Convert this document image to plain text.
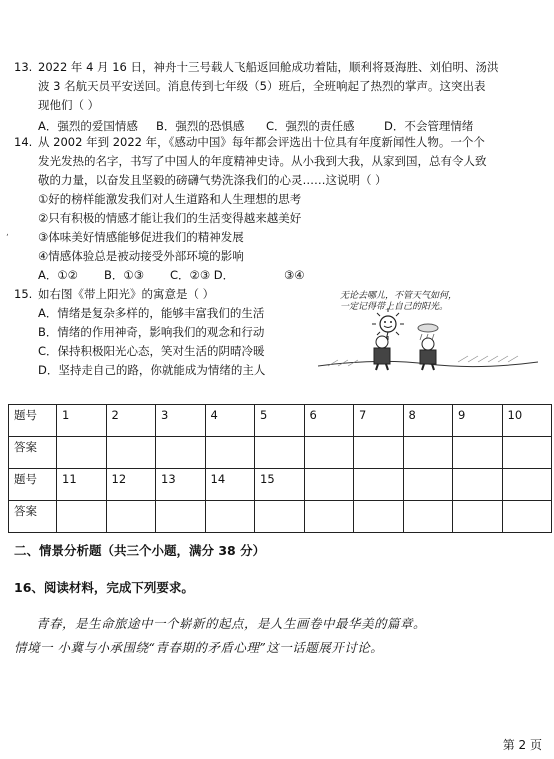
13. 2022 年 4 月 16 日，神舟十三号载人飞船返回舱成功着陆，顺利将聂海胜、刘伯明、汤洪
波 3 名航天员平安送回。消息传到七年级（5）班后，全班响起了热烈的掌声。这突出表
现他们（ ）
A．强烈的爱国情感 B．强烈的恐惧感 C．强烈的责任感	D．不会管理情绪
14. 从 2002 年到 2022 年，《感动中国》每年都会评选出十位具有年度新闻性人物。一个个
发光发热的名字，书写了中国人的年度精神史诗。从小我到大我，从家到国，总有令人致
敬的力量，以奋发且坚毅的磅礴气势洗涤我们的心灵……这说明（ ）
①好的榜样能激发我们对人生道路和人生理想的思考
②只有积极的情感才能让我们的生活变得越来越美好
③体味美好情感能够促进我们的精神发展
④情感体验总是被动接受外部环境的影响
A．①② B．①③ C．②③ D．	③④
15. 如右图《带上阳光》的寓意是（ ）
A．情绪是复杂多样的，能够丰富我们的生活
B．情绪的作用神奇，影响我们的观念和行动
C．保持积极阳光心态，笑对生活的阴晴冷暖
D．坚持走自己的路，你就能成为情绪的主人
无论去哪儿，不管天气如何，
一定记得带上自己的阳光。
,
题号	1	2	3	4	5	6	7	8	9	10
答案										
题号	11	12	13	14	15					
答案										
二、情景分析题（共三个小题，满分 38 分）
16、阅读材料，完成下列要求。
青春，是生命旅途中一个崭新的起点，是人生画卷中最华美的篇章。
情境一 小冀与小承围绕“青春期的矛盾心理”这一话题展开讨论。
第 2 页
